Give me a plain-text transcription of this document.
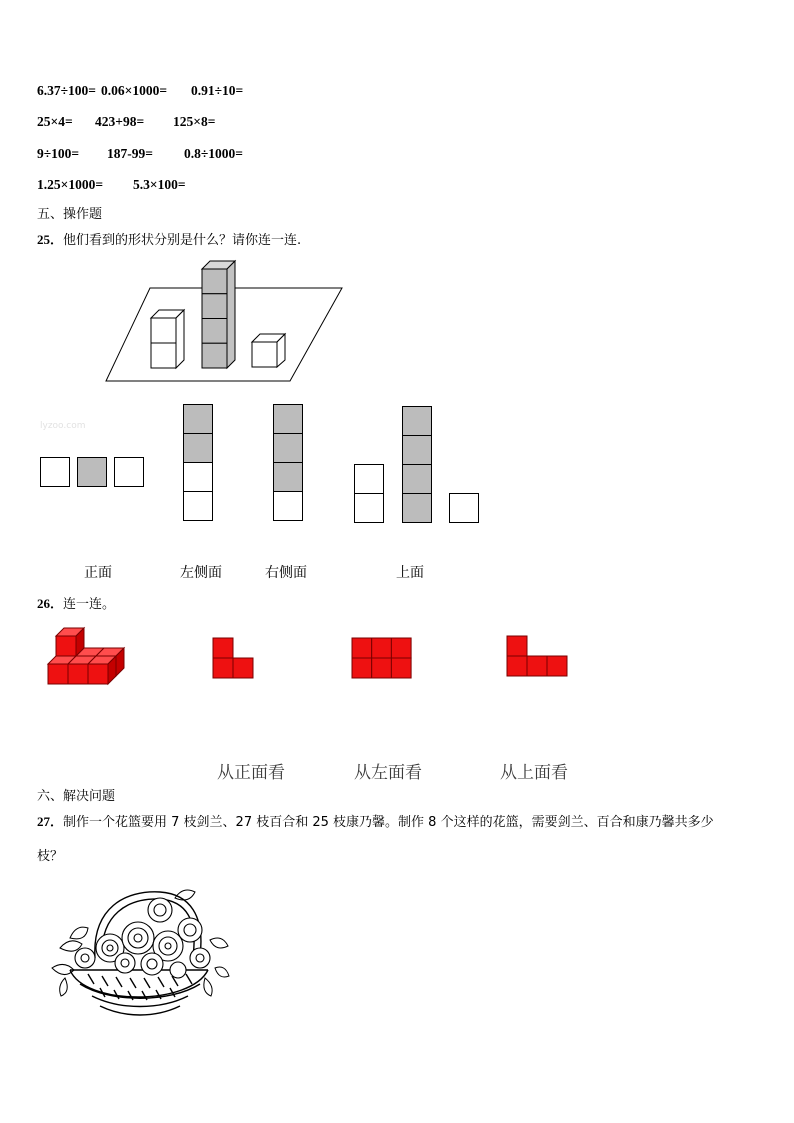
6.37÷100= 0.06×1000= 0.91÷10=
25×4= 423+98= 125×8=
9÷100= 187-99= 0.8÷1000=
1.25×1000= 5.3×100=
五、操作题
25．他们看到的形状分别是什么？请你连一连.
lyzoo.com
正面	左侧面	右侧面	上面
26．连一连。
从正面看	从左面看	从上面看
六、解决问题
27．制作一个花篮要用 7 枝剑兰、27 枝百合和 25 枝康乃馨。制作 8 个这样的花篮，需要剑兰、百合和康乃馨共多少
枝？
